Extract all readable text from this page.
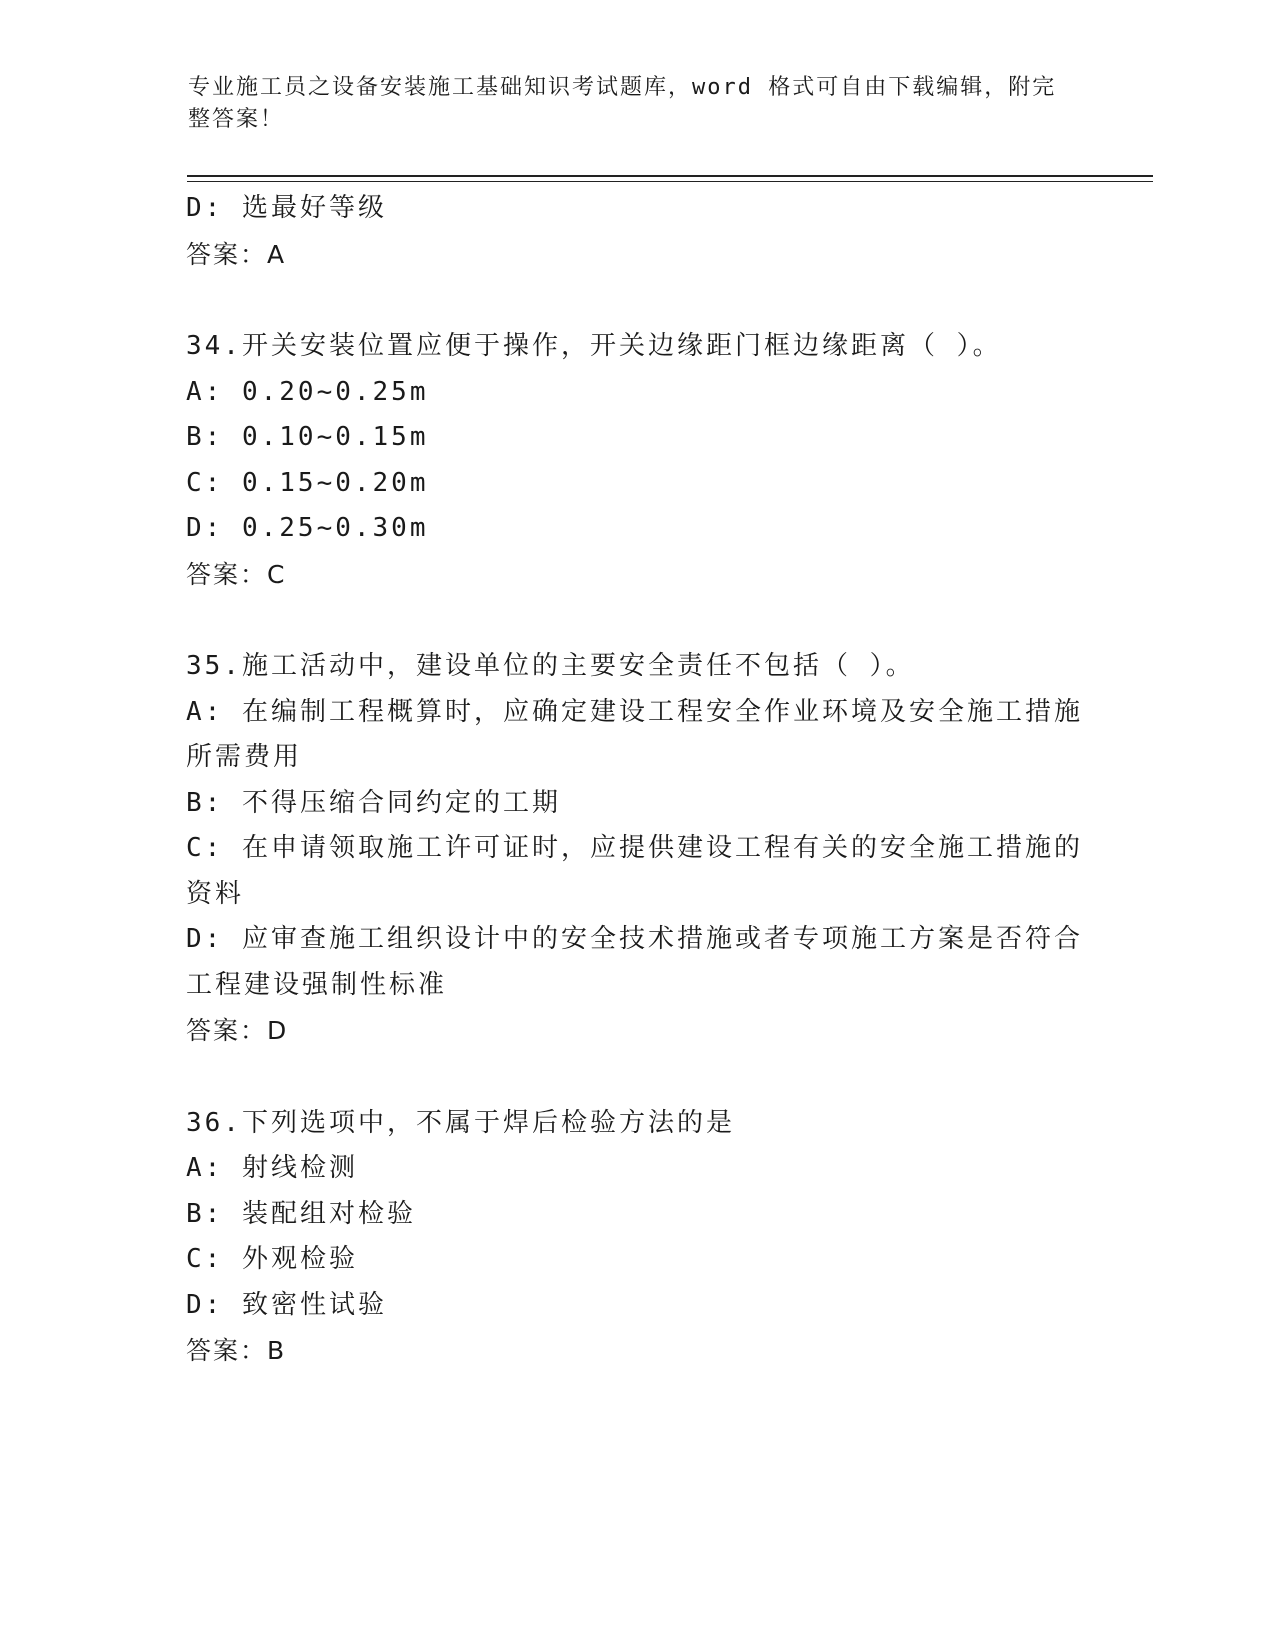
专业施工员之设备安装施工基础知识考试题库，word 格式可自由下载编辑，附完整答案！
D: 选最好等级
答案：A
34.开关安装位置应便于操作，开关边缘距门框边缘距离（ ）。
A: 0.20~0.25m
B: 0.10~0.15m
C: 0.15~0.20m
D: 0.25~0.30m
答案：C
35.施工活动中，建设单位的主要安全责任不包括（ ）。
A: 在编制工程概算时，应确定建设工程安全作业环境及安全施工措施所需费用
B: 不得压缩合同约定的工期
C: 在申请领取施工许可证时，应提供建设工程有关的安全施工措施的资料
D: 应审查施工组织设计中的安全技术措施或者专项施工方案是否符合工程建设强制性标准
答案：D
36.下列选项中，不属于焊后检验方法的是
A: 射线检测
B: 装配组对检验
C: 外观检验
D: 致密性试验
答案：B
